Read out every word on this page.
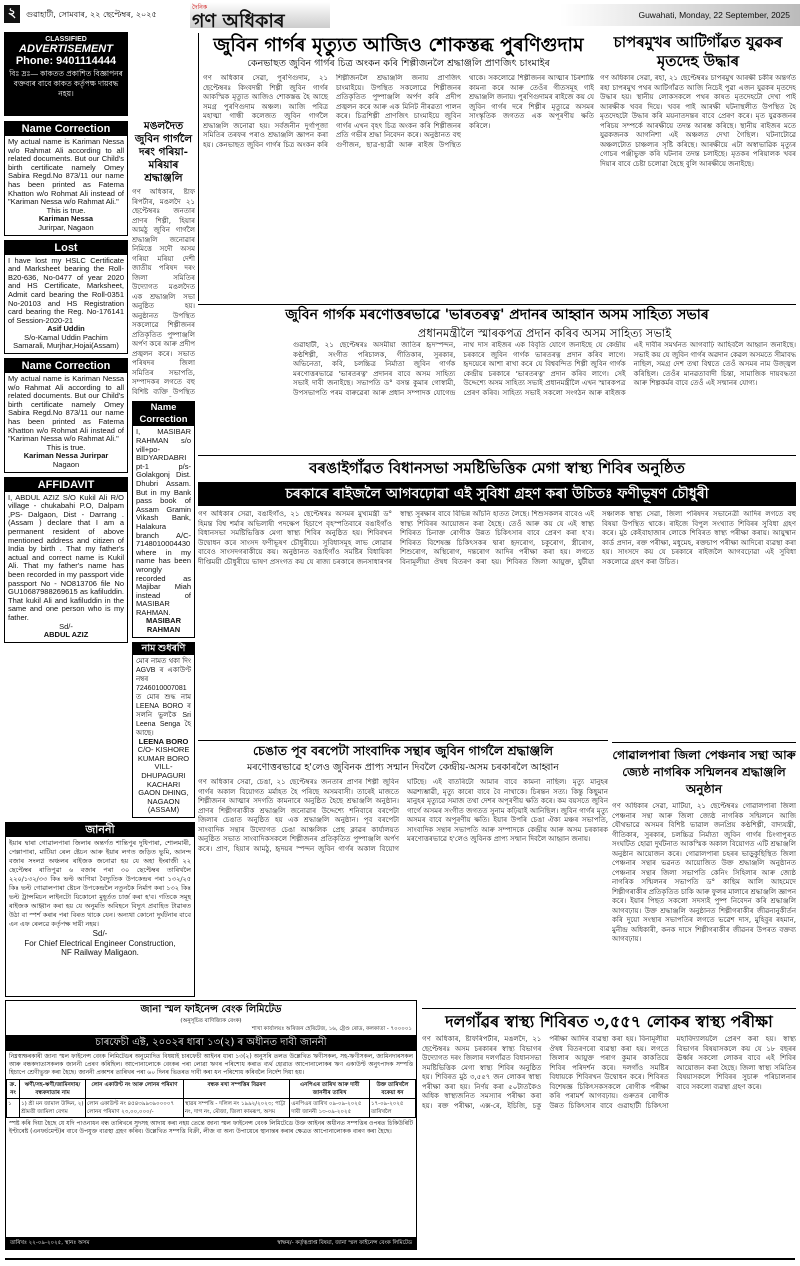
২	গুৱাহাটী, সোমবাৰ, ২২ ছেপ্টেম্বৰ, ২০২৫
দৈনিক
গণ অধিকাৰ	Guwahati, Monday, 22 September, 2025
CLASSIFIED
ADVERTISEMENT
Phone: 9401114444
বিঃ দ্ৰঃ— কাকতত প্ৰকাশিত বিজ্ঞাপনৰ বক্তব্যৰ বাবে কাকত কৰ্তৃপক্ষ দায়বদ্ধ নহয়।
Name Correction
My actual name is Kariman Nessa w/o Rahmat Ali according to all related documents. But our Child's birth certificate namely Omey Sabira Regd.No 873/11 our name has been printed as Fatema Khatton w/o Rohmat Ali instead of "Kariman Nessa w/o Rahmat Ali."
This is true.
Kariman Nessa
Jurirpar, Nagaon
Lost
I have lost my HSLC Certificate and Marksheet bearing the Roll- B20-636, No-0477 of year 2020 and HS Certificate, Marksheet, Admit card bearing the Roll-0351 No-20103 and HS Registration card bearing the Reg. No-176141 of Session-2020-21
Asif Uddin
S/o-Kamal Uddin Pachim Samarali, Murjhar,Hojai(Assam)
Name Correction
My actual name is Kariman Nessa w/o Rahmat Ali according to all related documents. But our Child's birth certificate namely Omey Sabira Regd.No 873/11 our name has been printed as Fatema Khatton w/o Rohmat Ali instead of "Kariman Nessa w/o Rahmat Ali."
This is true.
Kariman Nessa Jurirpar
Nagaon
AFFIDAVIT
I, ABDUL AZIZ S/O Kukil Ali R/O village - chukabahi P.O, Dalpam ,PS- Dalgaon, Dist - Darrang . (Assam ) declare that I am a permanent resident of above mentioned address and citizen of India by birth . That my father's actual and correct name is Kukil Ali. That my father's name has been recorded in my passport vide passport No - NO813706 file No GU10687988269615 as kafiluddin. That kukil Ali and kafiluddin in the same and one person who is my father.
Sd/-
ABDUL AZIZ
মঙলদৈত জুবিন গাৰ্গলৈ দৰং গৰিয়া-মৰিয়াৰ শ্ৰদ্ধাঞ্জলি
গণ অধিকাৰ, ষ্টাফ ৰিপৰ্টাৰ, মঙলদৈ ২১ ছেপ্টেম্বৰঃ জনতাৰ প্ৰাণৰ শিল্পী, হিয়াৰ আমঠু জুবিন গাৰ্গলৈ শ্ৰদ্ধাঞ্জলি জনোৱাৰ নিমিত্তে সদৌ অসম গৰিয়া মৰিয়া দেশী জাতীয় পৰিষদ দৰং জিলা সমিতিৰ উদ্যোগত মঙলদৈত এক শ্ৰদ্ধাঞ্জলি সভা অনুষ্ঠিত হয়। অনুষ্ঠানত উপস্থিত সকলোৱে শিল্পীজনৰ প্ৰতিকৃতিত পুষ্পাঞ্জলি অৰ্পণ কৰে আৰু প্ৰদীপ প্ৰজ্বলন কৰে। সভাত পৰিষদৰ জিলা সমিতিৰ সভাপতি, সম্পাদকৰ লগতে বহু বিশিষ্ট ব্যক্তি উপস্থিত
Name Correction
I, MASIBAR RAHMAN s/o vill+po- BIDYARDABRI pt-1 p/s-Golakgonj Dist. Dhubri Assam. But in my Bank pass book of Assam Gramin Vikash Bank, Halakura branch A/C-7148010004430 where in my name has been wrongly recorded as Majibar Miah instead of MASIBAR RAHMAN.
MASIBAR RAHMAN
নাম শুধৰণি
মোৰ নামত থকা দিং AGVB ৰ একাউণ্ট নম্বৰ 7246010007081 ত মোৰ শুদ্ধ নাম LEENA BORO ৰ সলনি ভুলকৈ Sri Leena Senga হৈ আছে।
LEENA BORO
C/O- KISHORE KUMAR BORO VILL- DHUPAGURI KACHARI GAON DHING, NAGAON (ASSAM)
জাননী
ইয়াৰ দ্বাৰা গোৱালপাৰা জিলাৰ অন্তৰ্গত শান্তিপুৰ দুধিপাৰা, শোলমাৰী, পেল্লাপাৰা, মাটিয়া ৰেল ষ্টেচন আৰু ইয়াৰ লগত জড়িত ভুমি, আনন্দ বজাৰ সংলগ্ন অঞ্চলৰ ৰাইজক জনোৱা হয় যে অহা ইংৰাজী ২২ ছেপ্টেম্বৰ ৰাতিপুৱা ৬ বজাৰ পৰা ৩০ ছেপ্টেম্বৰ তাৰিখলৈ ২২০/১৩২/৩৩ কিঃ ভল্ট আগিয়া বৈদ্যুতিক উপকেন্দ্ৰৰ পৰা ১৩২/২৫ কিঃ ভল্ট গোৱালপাৰা ষ্টেচন উপকেন্দ্ৰলৈ নতুনকৈ নিৰ্মাণ কৰা ১৩২ কিঃ ভল্ট ট্ৰান্সমিচন লাইনটো যিকোনো মুহূৰ্তত চাৰ্জ কৰা হ'ব। গতিকে সমূহ ৰাইজক আহ্বান কৰা হয় যে অনুমতি অবিহনে বিদ্যুৎ প্ৰবাহিত টাৱাৰত উঠা বা স্পৰ্শ কৰাৰ পৰা বিৰত থাকে যেন। অন্যথা কোনো দুৰ্ঘটনাৰ বাবে এন এফ ৰেলৱে কৰ্তৃপক্ষ দায়ী নহয়।
Sd/-
For Chief Electrical Engineer Construction,
NF Railway Maligaon.
জুবিন গাৰ্গৰ মৃত্যুত আজিও শোকস্তব্ধ পুৰণিগুদাম
কেনভাছত জুবিন গাৰ্গৰ চিত্ৰ অংকন কৰি শিল্পীজনলৈ শ্ৰদ্ধাঞ্জলি প্ৰাণজিৎ চাংমাইৰ
গণ অধিকাৰ সেৱা, পুৰণিগুদাম, ২১ ছেপ্টেম্বৰঃ কিংবদন্তী শিল্পী জুবিন গাৰ্গৰ আকস্মিক মৃত্যুত আজিও শোকস্তব্ধ হৈ আছে সমগ্ৰ পুৰণিগুদাম অঞ্চল। আজি পবিত্ৰ মহাত্মা গান্ধী কলেজত জুবিন গাৰ্গলৈ শ্ৰদ্ধাঞ্জলি জনোৱা হয়। সৰ্বজনীন দুৰ্গাপূজা সমিতিৰ তৰফৰ পৰাও শ্ৰদ্ধাঞ্জলি জ্ঞাপন কৰা হয়। কেনভাছত জুবিন গাৰ্গৰ চিত্ৰ অংকন কৰি শিল্পীজনলৈ শ্ৰদ্ধাঞ্জলি জনায় প্ৰাণজিৎ চাংমাইয়ে। উপস্থিত সকলোৱে শিল্পীজনৰ প্ৰতিকৃতিত পুষ্পাঞ্জলি অৰ্পণ কৰি প্ৰদীপ প্ৰজ্বলন কৰে আৰু এক মিনিট নীৰৱতা পালন কৰে। চিত্ৰশিল্পী প্ৰাণজিৎ চাংমাইয়ে জুবিন গাৰ্গৰ এখন বৃহৎ চিত্ৰ অংকন কৰি শিল্পীজনৰ প্ৰতি গভীৰ শ্ৰদ্ধা নিবেদন কৰে। অনুষ্ঠানত বহু গুণীজন, ছাত্ৰ-ছাত্ৰী আৰু ৰাইজ উপস্থিত থাকে। সকলোৱে শিল্পীজনৰ আত্মাৰ চিৰশান্তি কামনা কৰে আৰু তেওঁৰ গীতসমূহ গাই শ্ৰদ্ধাঞ্জলি জনায়। পুৰণিগুদামৰ ৰাইজে কয় যে জুবিন গাৰ্গৰ দৰে শিল্পীৰ মৃত্যুৱে অসমৰ সাংস্কৃতিক জগতত এক অপূৰণীয় ক্ষতি কৰিলে।
চাপৰমুখৰ আটিগাঁৱত যুৱকৰ মৃতদেহ উদ্ধাৰ
গণ অধিকাৰ সেৱা, ৰহা, ২১ ছেপ্টেম্বৰঃ চাপৰমুখ আৰক্ষী চকীৰ অন্তৰ্গত ৰহা চাপৰমুখ পথৰ আটিগাঁৱত আজি নিচেই পুৱা এজন যুৱকৰ মৃতদেহ উদ্ধাৰ হয়। স্থানীয় লোকসকলে পথৰ কাষত মৃতদেহটো দেখা পাই আৰক্ষীক খবৰ দিয়ে। খবৰ পাই আৰক্ষী ঘটনাস্থলীত উপস্থিত হৈ মৃতদেহটো উদ্ধাৰ কৰি ময়নাতদন্তৰ বাবে প্ৰেৰণ কৰে। মৃত যুৱকজনৰ পৰিচয় সম্পৰ্কে আৰক্ষীয়ে তদন্ত আৰম্ভ কৰিছে। স্থানীয় ৰাইজৰ মতে যুৱকজনক আগনিশা এই অঞ্চলত দেখা গৈছিল। ঘটনাটোৱে অঞ্চলটোত চাঞ্চল্যৰ সৃষ্টি কৰিছে। আৰক্ষীয়ে এটা অস্বাভাৱিক মৃত্যুৰ গোচৰ পঞ্জীভুক্ত কৰি ঘটনাৰ তদন্ত চলাইছে। মৃতকৰ পৰিয়ালক খবৰ দিয়াৰ বাবে চেষ্টা চলোৱা হৈছে বুলি আৰক্ষীয়ে জনাইছে।
জুবিন গাৰ্গক মৰণোত্তৰভাৱে 'ভাৰতৰত্ন' প্ৰদানৰ আহ্বান অসম সাহিত্য সভাৰ
প্ৰধানমন্ত্ৰীলৈ স্মাৰকপত্ৰ প্ৰদান কৰিব অসম সাহিত্য সভাই
গুৱাহাটী, ২১ ছেপ্টেম্বৰঃ অসমীয়া জাতিৰ হৃদস্পন্দন, কণ্ঠশিল্পী, সংগীত পৰিচালক, গীতিকাৰ, সুৰকাৰ, অভিনেতা, কবি, চলচ্চিত্ৰ নিৰ্মাতা জুবিন গাৰ্গক মৰণোত্তৰভাৱে 'ভাৰতৰত্ন' প্ৰদানৰ বাবে অসম সাহিত্য সভাই দাবী জনাইছে। সভাপতি ড° বসন্ত কুমাৰ গোস্বামী, উপসভাপতি পৰম বাৰুৱেৰা আৰু প্ৰধান সম্পাদক যোগেন্দ্ৰ নাথ দাস ৰাইজৰ এক বিবৃতি যোগে জনাইছে যে কেন্দ্ৰীয় চৰকাৰে জুবিন গাৰ্গক ভাৰতৰত্ন প্ৰদান কৰিব লাগে। হৃদয়েৰে আশা ৰাখা কৰে যে বিশ্ববন্দিত শিল্পী জুবিন গাৰ্গক কেন্দ্ৰীয় চৰকাৰে 'ভাৰতৰত্ন' প্ৰদান কৰিব লাগে। সেই উদ্দেশ্যে অসম সাহিত্য সভাই প্ৰধানমন্ত্ৰীলৈ এখন স্মাৰকপত্ৰ প্ৰেৰণ কৰিব। সাহিত্য সভাই সকলো সংগঠন আৰু ৰাইজক এই দাবীৰ সমৰ্থনত আগবাঢ়ি আহিবলৈ আহ্বান জনাইছে। সভাই কয় যে জুবিন গাৰ্গৰ অৱদান কেৱল অসমতে সীমাবদ্ধ নাছিল, সমগ্ৰ দেশ তথা বিশ্বতে তেওঁ অসমৰ নাম উজ্জ্বল কৰিছিল। তেওঁৰ মানৱতাবাদী চিন্তা, সামাজিক দায়বদ্ধতা আৰু শিল্পকৰ্মৰ বাবে তেওঁ এই সন্মানৰ যোগ্য।
বৰঙাইগাঁৱত বিধানসভা সমষ্টিভিত্তিক মেগা স্বাস্থ্য শিবিৰ অনুষ্ঠিত
চৰকাৰে ৰাইজলৈ আগবঢ়োৱা এই সুবিধা গ্ৰহণ কৰা উচিতঃ ফণীভূষণ চৌধুৰী
গণ অধিকাৰ সেৱা, বঙাইগাঁও, ২১ ছেপ্টেম্বৰঃ অসমৰ মুখ্যমন্ত্ৰী ড° হিমন্ত বিশ্ব শৰ্মাৰ অভিলাষী পদক্ষেপ হিচাপে বৃহস্পতিবাৰে বঙাইগাঁও বিধানসভা সমষ্টিভিত্তিক মেগা স্বাস্থ্য শিবিৰ অনুষ্ঠিত হয়। শিবিৰখন উদ্বোধন কৰে সাংসদ ফণীভূষণ চৌধুৰীয়ে। সুবিধাসমূহ লাভ লোৱাৰ বাবেও সাংসদগৰাকীয়ে কয়। অনুষ্ঠানত বঙাইগাঁও সমষ্টিৰ বিধায়িকা দীপ্তিময়ী চৌধুৰীয়ে ভাষণ প্ৰসংগত কয় যে ৰাজ্য চৰকাৰে জনসাধাৰণৰ স্বাস্থ্য সুৰক্ষাৰ বাবে বিভিন্ন আঁচনি হাতত লৈছে। শিশুসকলৰ বাবেও এই স্বাস্থ্য শিবিৰৰ আয়োজন কৰা হৈছে। তেওঁ আৰু কয় যে এই স্বাস্থ্য শিবিৰত চিনাক্ত ৰোগীক উন্নত চিকিৎসাৰ বাবে প্ৰেৰণ কৰা হ'ব। শিবিৰত বিশেষজ্ঞ চিকিৎসকৰ দ্বাৰা হৃদৰোগ, চকুৰোগ, স্ত্ৰীৰোগ, শিশুৰোগ, অস্থিৰোগ, দন্তৰোগ আদিৰ পৰীক্ষা কৰা হয়। লগতে বিনামূলীয়া ঔষধ বিতৰণ কৰা হয়। শিবিৰত জিলা আয়ুক্ত, যুটীয়া সঞ্চালক স্বাস্থ্য সেৱা, জিলা পৰিষদৰ সভানেত্ৰী আদিৰ লগতে বহু বিষয়া উপস্থিত থাকে। ৰাইজে বিপুল সংখ্যাত শিবিৰৰ সুবিধা গ্ৰহণ কৰে। মুঠ কেইবাহাজাৰ লোকে শিবিৰত স্বাস্থ্য পৰীক্ষা কৰায়। আয়ুষ্মান কাৰ্ড প্ৰদান, ৰক্ত পৰীক্ষা, মধুমেহ, ৰক্তচাপ পৰীক্ষা আদিৰো ব্যৱস্থা কৰা হয়। সাংসদে কয় যে চৰকাৰে ৰাইজলৈ আগবঢ়োৱা এই সুবিধা সকলোৱে গ্ৰহণ কৰা উচিত।
চেঙাত পূব বৰপেটা সাংবাদিক সন্থাৰ জুবিন গাৰ্গলৈ শ্ৰদ্ধাঞ্জলি
মৰণোত্তৰভাৱে হ'লেও জুবিনক প্ৰাপ্য সন্মান দিবলৈ কেন্দ্ৰীয়-অসম চৰকাৰলৈ আহ্বান
গণ অধিকাৰ সেৱা, চেঙা, ২১ ছেপ্টেম্বৰঃ জনতাৰ প্ৰাণৰ শিল্পী জুবিন গাৰ্গৰ অকাল বিয়োগত মৰ্মাহত হৈ পৰিছে অসমবাসী। তাৰেই মাজতে শিল্পীজনৰ আত্মাৰ সদগতি কামনাৰে অনুষ্ঠিত হৈছে শ্ৰদ্ধাঞ্জলি অনুষ্ঠান। প্ৰাণৰ শিল্পীগৰাকীক শ্ৰদ্ধাঞ্জলি জনোৱাৰ উদ্দেশ্যে শনিবাৰে বৰপেটা জিলাৰ চেঙাত অনুষ্ঠিত হয় এক শ্ৰদ্ধাঞ্জলি অনুষ্ঠান। পূব বৰপেটা সাংবাদিক সন্থাৰ উদ্যোগত চেঙা আঞ্চলিক প্ৰেছ ক্লাৱৰ কাৰ্যালয়ত অনুষ্ঠিত সভাত সাংবাদিকসকলে শিল্পীজনৰ প্ৰতিকৃতিত পুষ্পাঞ্জলি অৰ্পণ কৰে। প্ৰাণ, হিয়াৰ আমঠু, হৃদয়ৰ স্পন্দন জুবিন গাৰ্গৰ অকাল বিয়োগ ঘটিছে। এই বাতৰিটো আমাৰ বাবে কামনা নাছিল। মৃত্যু মানুহৰ অৱশ্যম্ভাৱী, মৃত্যু কাৰো বাবে বৈ নাথাকে। চিৰন্তন সত্য। কিন্তু কিছুমান মানুহৰ মৃত্যুৱে সমাজ তথা দেশৰ অপূৰণীয় ক্ষতি কৰে। কম বয়সতে জুবিন গাৰ্গে অসমৰ সংগীত জগতত সুনাম কঢ়িয়াই আনিছিল। জুবিন গাৰ্গৰ মৃত্যু অসমৰ বাবে অপূৰণীয় ক্ষতি। ইয়াৰ উপৰি চেঙা ঐক্য মঞ্চৰ সভাপতি, সাংবাদিক সন্থাৰ সভাপতি আৰু সম্পাদকে কেন্দ্ৰীয় আৰু অসম চৰকাৰক মৰণোত্তৰভাৱে হ'লেও জুবিনক প্ৰাপ্য সন্মান দিবলৈ আহ্বান জনায়।
গোৱালপাৰা জিলা পেঞ্চনাৰ সন্থা আৰু জ্যেষ্ঠ নাগৰিক সন্মিলনৰ শ্ৰদ্ধাঞ্জলি অনুষ্ঠান
গণ অধিকাৰ সেৱা, মাটিয়া, ২১ ছেপ্টেম্বৰঃ গোৱালপাৰা জিলা পেঞ্চনাৰ সন্থা আৰু জিলা জ্যেষ্ঠ নাগৰিক সন্মিলনে আজি যৌথভাৱে অসমৰ বিশিষ্ট ভাৱাল জনপ্ৰিয় কণ্ঠশিল্পী, বাদ্যযন্ত্ৰী, গীতিকাৰ, সুৰকাৰ, চলচ্চিত্ৰ নিৰ্মাতা জুবিন গাৰ্গৰ চিংগাপুৰত সংঘটিত হোৱা দুৰ্ঘটনাত আকস্মিক অকাল বিয়োগত এটি শ্ৰদ্ধাঞ্জলি অনুষ্ঠান আয়োজন কৰে। গোৱালপাৰা চহৰৰ ভাড়ুকুছিস্থিত জিলা পেঞ্চনাৰ সন্থাৰ ভৱনত আয়োজিত উক্ত শ্ৰদ্ধাঞ্জলি অনুষ্ঠানত পেঞ্চনাৰ সন্থাৰ জিলা সভাপতি কেনিং সিহিলাৰ আৰু জ্যেষ্ঠ নাগৰিক সন্মিলনৰ সভাপতি ড° কাছিম আলি আহমেদে শিল্পীগৰাকীৰ প্ৰতিকৃতিত চাকি আৰু ফুলৰ মালাৰে শ্ৰদ্ধাঞ্জলি জ্ঞাপন কৰে। ইয়াৰ পিছত সকলো সদস্যই পুষ্প নিবেদন কৰি শ্ৰদ্ধাঞ্জলি আগবঢ়ায়। উক্ত শ্ৰদ্ধাঞ্জলি অনুষ্ঠানত শিল্পীগৰাকীৰ জীৱনানুকীৰ্তন কৰি দুয়ো সংস্থাৰ সভাপতিৰ লগতে ভৱেশ দাস, মুহিবুৰ ৰহমান, মুনীন্দ্ৰ অধিকাৰী, কনক দাসে শিল্পীগৰাকীৰ জীৱনৰ উপৰত বক্তব্য আগবঢ়ায়।
জানা স্মল ফাইনেন্স বেংক লিমিটেড
(অনুসূচিত বাণিজ্যিক বেংক)
শাখা কাৰ্যালয়ঃ অৰিজন হেৰিটেজ, ১৬, ষ্ট্ৰেণ্ড ৰোড, কলকাতা - ৭০০০০১
চাৰফেচী এক্ট, ২০০২ৰ ধাৰা ১৩(২) ৰ অধীনত দাবী জাননী
নিম্নস্বাক্ষৰকাৰী জানা স্মল ফাইনেন্স বেংক লিমিটেডৰ অনুমোদিত বিষয়াই চাৰফেচী আইনৰ ধাৰা ১৩(২) অনুসৰি তলত উল্লেখিত ঋণীসকল, সহ-ঋণীসকল, জামিনদাৰসকল আৰু বন্ধকদাতাসকলক জাননী প্ৰেৰণ কৰিছিল। আপোনালোকে বেংকৰ পৰা লোৱা ঋণৰ পৰিশোধ কৰাত ব্যৰ্থ হোৱাত আপোনালোকৰ ঋণ একাউণ্ট অনুৎপাদক সম্পত্তি হিচাপে শ্ৰেণীভুক্ত কৰা হৈছে। জাননী প্ৰকাশৰ তাৰিখৰ পৰা ৬০ দিনৰ ভিতৰত দাবী কৰা ধন পৰিশোধ কৰিবলৈ নিৰ্দেশ দিয়া হয়।
ক্ৰ. নং	ঋণী/সহ-ঋণী/জামিনদাৰ/ বন্ধকদাতাৰ নাম	লোন একাউণ্ট নং আৰু লোনৰ পৰিমাণ	বন্ধক ৰখা সম্পত্তিৰ বিৱৰণ	এনপিএৰ তাৰিখ আৰু দাবী জাননীৰ তাৰিখ	উক্ত তাৰিখলৈ বকেয়া ধন
১	১) শ্ৰী মন জামাল উদ্দিন, ২) শ্ৰীমতী জামিলা বেগম	লোন একাউণ্ট নং ৪৫৪৩৯৯৩৯০০০০৭ লোনৰ পৰিমাণ ২৩,০০,০০০/-	স্থাৱৰ সম্পত্তি - দলিল নং ১৯৯২/২০২৩; পাট্টা নং, দাগ নং, মৌজা, জিলা কামৰূপ, অসম	এনপিএৰ তাৰিখ ০৯-০৯-২০২৫ দাবী জাননী ১৩-০৯-২০২৫	১৭-০৯-২০২৫ তাৰিখলৈ
স্পষ্ট কৰি দিয়া হৈছে যে যদি পাওনাধন বন্ধ তাৰিখৰে সুদসহ আদায় কৰা নহয় তেন্তে জানা স্মল ফাইনেন্স বেংক লিমিটেডে উক্ত আইনৰ অধীনত সম্পত্তিৰ ওপৰত চিকিউৰিটি ইণ্টাৰেষ্ট (এনফৰ্চমেণ্ট)ৰ বাবে উপযুক্ত ব্যৱস্থা গ্ৰহণ কৰিব। উল্লেখিত সম্পত্তি বিক্ৰী, লীজ বা অন্য উপায়েৰে স্থানান্তৰ কৰাৰ ক্ষেত্ৰত আপোনালোকক বাৰণ কৰা হৈছে।
তাৰিখঃ ২২-০৯-২০২৫, স্থানঃ অসম	স্বাক্ষৰ/- কৰ্তৃত্বপ্ৰাপ্ত বিষয়া, জানা স্মল ফাইনেন্স বেংক লিমিটেড
দলগাঁৱৰ স্বাস্থ্য শিবিৰত ৩,৫৫৭ লোকৰ স্বাস্থ্য পৰীক্ষা
গণ অধিকাৰ, ষ্টাফৰিপৰ্টাৰ, মঙলদৈ, ২১ ছেপ্টেম্বৰঃ অসম চৰকাৰৰ স্বাস্থ্য বিভাগৰ উদ্যোগত দৰং জিলাৰ দলগাঁৱত বিধানসভা সমষ্টিভিত্তিক মেগা স্বাস্থ্য শিবিৰ অনুষ্ঠিত হয়। শিবিৰত মুঠ ৩,৫৫৭ জন লোকৰ স্বাস্থ্য পৰীক্ষা কৰা হয়। নিৰ্ণয় কৰা ৫০টাতকৈও অধিক স্বাস্থ্যজনিত সমস্যাৰ পৰীক্ষা কৰা হয়। ৰক্ত পৰীক্ষা, এক্স-ৰে, ইচিজি, চকু পৰীক্ষা আদিৰ ব্যৱস্থা কৰা হয়। বিনামূলীয়া ঔষধ বিতৰণৰো ব্যৱস্থা কৰা হয়। লগতে জিলাৰ আয়ুক্ত পৰাগ কুমাৰ কাকতিয়ে শিবিৰ পৰিদৰ্শন কৰে। দলগাঁও সমষ্টিৰ বিধায়কে শিবিৰখন উদ্বোধন কৰে। শিবিৰত বিশেষজ্ঞ চিকিৎসকসকলে ৰোগীক পৰীক্ষা কৰি পৰামৰ্শ আগবঢ়ায়। গুৰুতৰ ৰোগীক উন্নত চিকিৎসাৰ বাবে গুৱাহাটী চিকিৎসা মহাবিদ্যালয়লৈ প্ৰেৰণ কৰা হয়। স্বাস্থ্য বিভাগৰ বিষয়াসকলে কয় যে ১৮ বছৰৰ ঊৰ্ধ্বৰ সকলো লোকৰ বাবে এই শিবিৰ আয়োজন কৰা হৈছে। জিলা স্বাস্থ্য সমিতিৰ বিষয়াসকলে শিবিৰৰ সুচাৰু পৰিচালনাৰ বাবে সকলো ব্যৱস্থা গ্ৰহণ কৰে।
